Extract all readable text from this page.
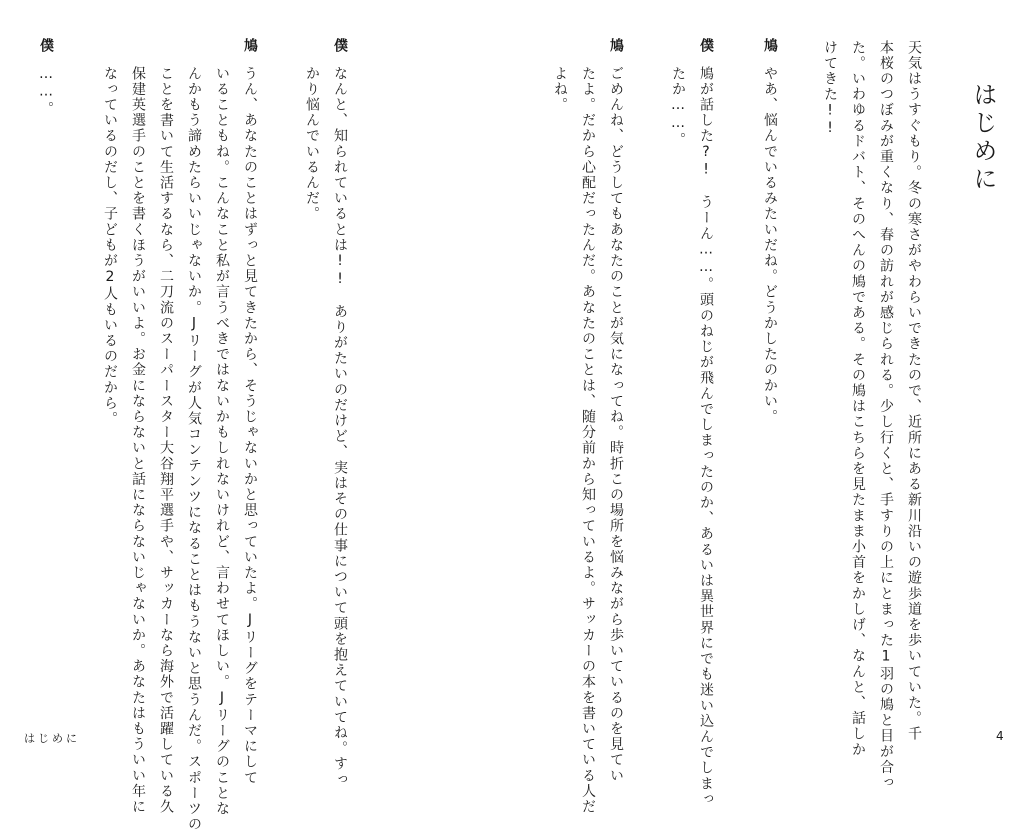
はじめに
天気はうすぐもり。冬の寒さがやわらいできたので、近所にある新川沿いの遊歩道を歩いていた。千
本桜のつぼみが重くなり、春の訪れが感じられる。少し行くと、手すりの上にとまった1羽の鳩と目が合っ
た。いわゆるドバト、そのへんの鳩である。その鳩はこちらを見たまま小首をかしげ、なんと、話しか
けてきた!!
鳩
やあ、悩んでいるみたいだね。どうかしたのかい。
僕
鳩が話した?!　うーん……。頭のねじが飛んでしまったのか、あるいは異世界にでも迷い込んでしまっ
たか……。
鳩
ごめんね、どうしてもあなたのことが気になってね。時折この場所を悩みながら歩いているのを見てい
たよ。だから心配だったんだ。あなたのことは、随分前から知っているよ。サッカーの本を書いている人だ
よね。
僕
なんと、知られているとは!!　ありがたいのだけど、実はその仕事について頭を抱えていてね。すっ
かり悩んでいるんだ。
鳩
うん、あなたのことはずっと見てきたから、そうじゃないかと思っていたよ。Jリーグをテーマにして
いることもね。こんなこと私が言うべきではないかもしれないけれど、言わせてほしい。Jリーグのことな
んかもう諦めたらいいじゃないか。Jリーグが人気コンテンツになることはもうないと思うんだ。スポーツの
ことを書いて生活するなら、二刀流のスーパースター大谷翔平選手や、サッカーなら海外で活躍している久
保建英選手のことを書くほうがいいよ。お金にならないと話にならないじゃないか。あなたはもういい年に
なっているのだし、子どもが2人もいるのだから。
僕
……。
はじめに	4
